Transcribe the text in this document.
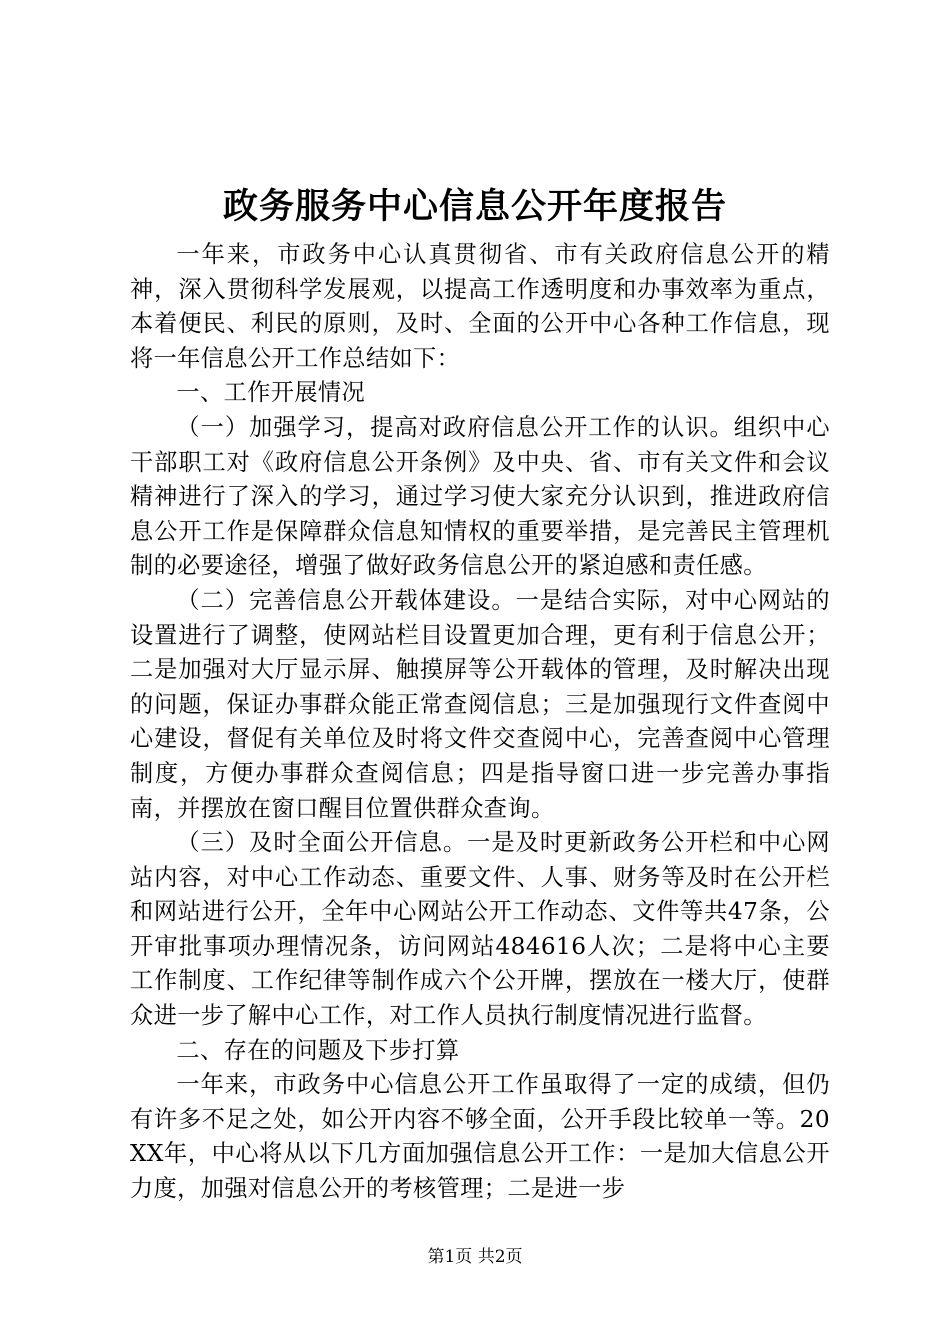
政务服务中心信息公开年度报告

一年来，市政务中心认真贯彻省、市有关政府信息公开的精神，深入贯彻科学发展观，以提高工作透明度和办事效率为重点，本着便民、利民的原则，及时、全面的公开中心各种工作信息，现将一年信息公开工作总结如下：

一、工作开展情况

（一）加强学习，提高对政府信息公开工作的认识。组织中心干部职工对《政府信息公开条例》及中央、省、市有关文件和会议精神进行了深入的学习，通过学习使大家充分认识到，推进政府信息公开工作是保障群众信息知情权的重要举措，是完善民主管理机制的必要途径，增强了做好政务信息公开的紧迫感和责任感。

（二）完善信息公开载体建设。一是结合实际，对中心网站的设置进行了调整，使网站栏目设置更加合理，更有利于信息公开；二是加强对大厅显示屏、触摸屏等公开载体的管理，及时解决出现的问题，保证办事群众能正常查阅信息；三是加强现行文件查阅中心建设，督促有关单位及时将文件交查阅中心，完善查阅中心管理制度，方便办事群众查阅信息；四是指导窗口进一步完善办事指南，并摆放在窗口醒目位置供群众查询。

（三）及时全面公开信息。一是及时更新政务公开栏和中心网站内容，对中心工作动态、重要文件、人事、财务等及时在公开栏和网站进行公开，全年中心网站公开工作动态、文件等共47条，公开审批事项办理情况条，访问网站484616人次；二是将中心主要工作制度、工作纪律等制作成六个公开牌，摆放在一楼大厅，使群众进一步了解中心工作，对工作人员执行制度情况进行监督。

二、存在的问题及下步打算

一年来，市政务中心信息公开工作虽取得了一定的成绩，但仍有许多不足之处，如公开内容不够全面，公开手段比较单一等。20XX年，中心将从以下几方面加强信息公开工作：一是加大信息公开力度，加强对信息公开的考核管理；二是进一步

第1页 共2页
